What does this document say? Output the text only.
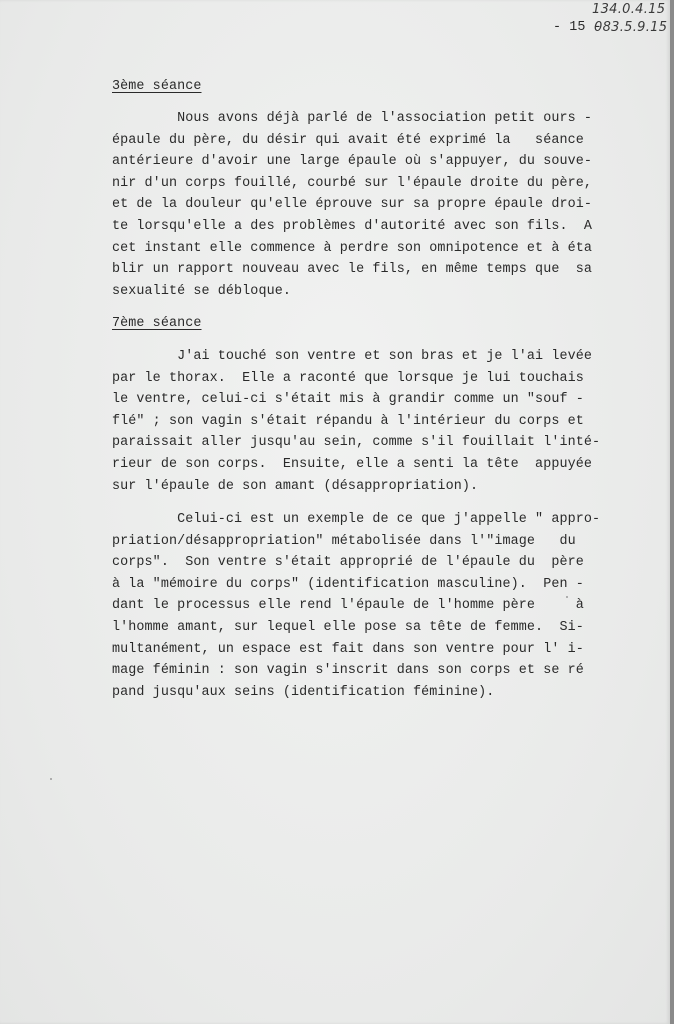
134.0.4.15
083.5.9.15
- 15 -
3ème séance
Nous avons déjà parlé de l'association petit ours -
épaule du père, du désir qui avait été exprimé la   séance
antérieure d'avoir une large épaule où s'appuyer, du souve-
nir d'un corps fouillé, courbé sur l'épaule droite du père,
et de la douleur qu'elle éprouve sur sa propre épaule droi-
te lorsqu'elle a des problèmes d'autorité avec son fils.  A
cet instant elle commence à perdre son omnipotence et à éta
blir un rapport nouveau avec le fils, en même temps que  sa
sexualité se débloque.
7ème séance
J'ai touché son ventre et son bras et je l'ai levée
par le thorax.  Elle a raconté que lorsque je lui touchais
le ventre, celui-ci s'était mis à grandir comme un "souf -
flé" ; son vagin s'était répandu à l'intérieur du corps et
paraissait aller jusqu'au sein, comme s'il fouillait l'inté-
rieur de son corps.  Ensuite, elle a senti la tête  appuyée
sur l'épaule de son amant (désappropriation).
Celui-ci est un exemple de ce que j'appelle " appro-
priation/désappropriation" métabolisée dans l'"image   du
corps".  Son ventre s'était approprié de l'épaule du  père
à la "mémoire du corps" (identification masculine).  Pen -
dant le processus elle rend l'épaule de l'homme père     à
l'homme amant, sur lequel elle pose sa tête de femme.  Si-
multanément, un espace est fait dans son ventre pour l' i-
mage féminin : son vagin s'inscrit dans son corps et se ré
pand jusqu'aux seins (identification féminine).
